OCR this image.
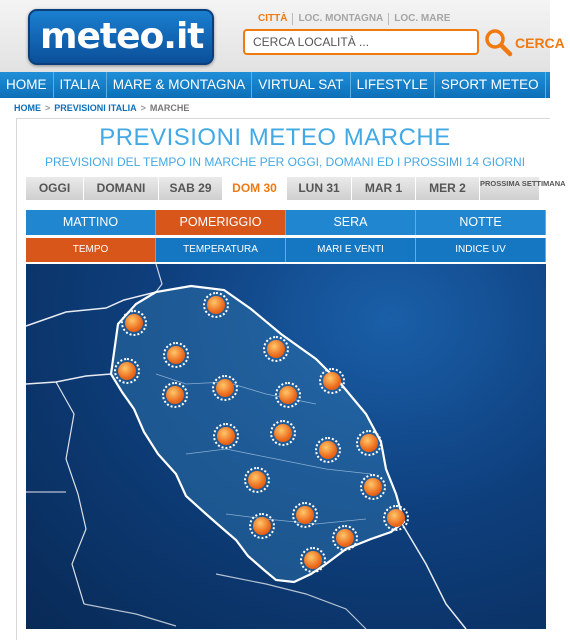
meteo.it	CITTÀ	LOC. MONTAGNA	LOC. MARE
CERCA LOCALITÀ ...	CERCA
HOME ITALIA MARE & MONTAGNA VIRTUAL SAT LIFESTYLE SPORT METEO
HOME > PREVISIONI ITALIA > MARCHE
PREVISIONI METEO MARCHE
PREVISIONI DEL TEMPO IN MARCHE PER OGGI, DOMANI ED I PROSSIMI 14 GIORNI
OGGI	DOMANI	SAB 29	DOM 30	LUN 31	MAR 1	MER 2	PROSSIMA SETTIMANA
MATTINO	POMERIGGIO	SERA	NOTTE
TEMPO	TEMPERATURA	MARI E VENTI	INDICE UV
